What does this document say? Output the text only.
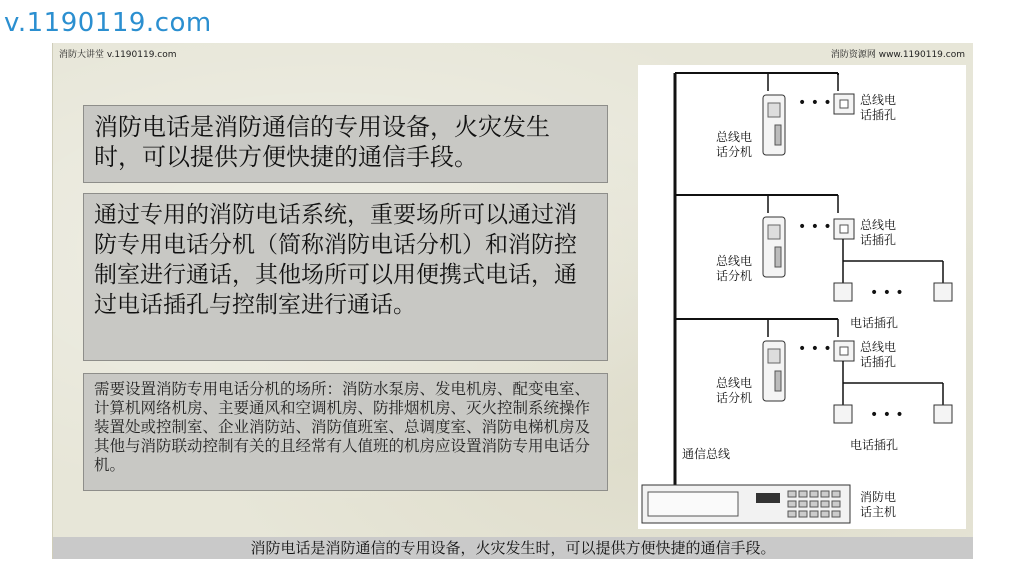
v.1190119.com
消防大讲堂 v.1190119.com	消防资源网 www.1190119.com

消防电话是消防通信的专用设备，火灾发生时，可以提供方便快捷的通信手段。

通过专用的消防电话系统，重要场所可以通过消防专用电话分机（简称消防电话分机）和消防控制室进行通话，其他场所可以用便携式电话，通过电话插孔与控制室进行通话。

需要设置消防专用电话分机的场所：消防水泵房、发电机房、配变电室、计算机网络机房、主要通风和空调机房、防排烟机房、灭火控制系统操作装置处或控制室、企业消防站、消防值班室、总调度室、消防电梯机房及其他与消防联动控制有关的且经常有人值班的机房应设置消防专用电话分机。

• • • 总线电
话插孔
总线电
话分机
• • • 总线电
话插孔
总线电
话分机
• • •
电话插孔
• • • 总线电
话插孔
总线电
话分机
• • •
电话插孔
通信总线
消防电
话主机
消防电话是消防通信的专用设备，火灾发生时，可以提供方便快捷的通信手段。
